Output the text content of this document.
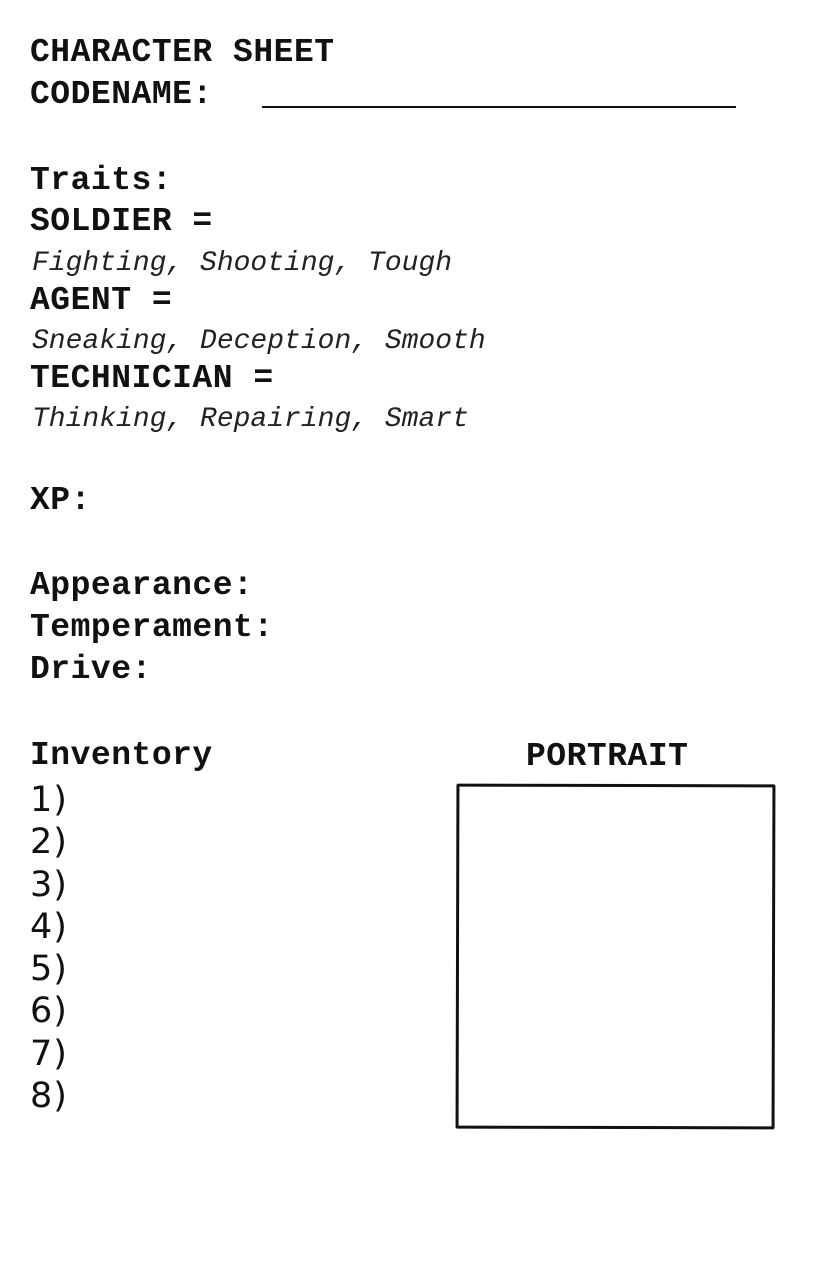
CHARACTER SHEET
CODENAME:
Traits:
SOLDIER =
Fighting, Shooting, Tough
AGENT =
Sneaking, Deception, Smooth
TECHNICIAN =
Thinking, Repairing, Smart
XP:
Appearance:
Temperament:
Drive:
Inventory
1)
2)
3)
4)
5)
6)
7)
8)
PORTRAIT
